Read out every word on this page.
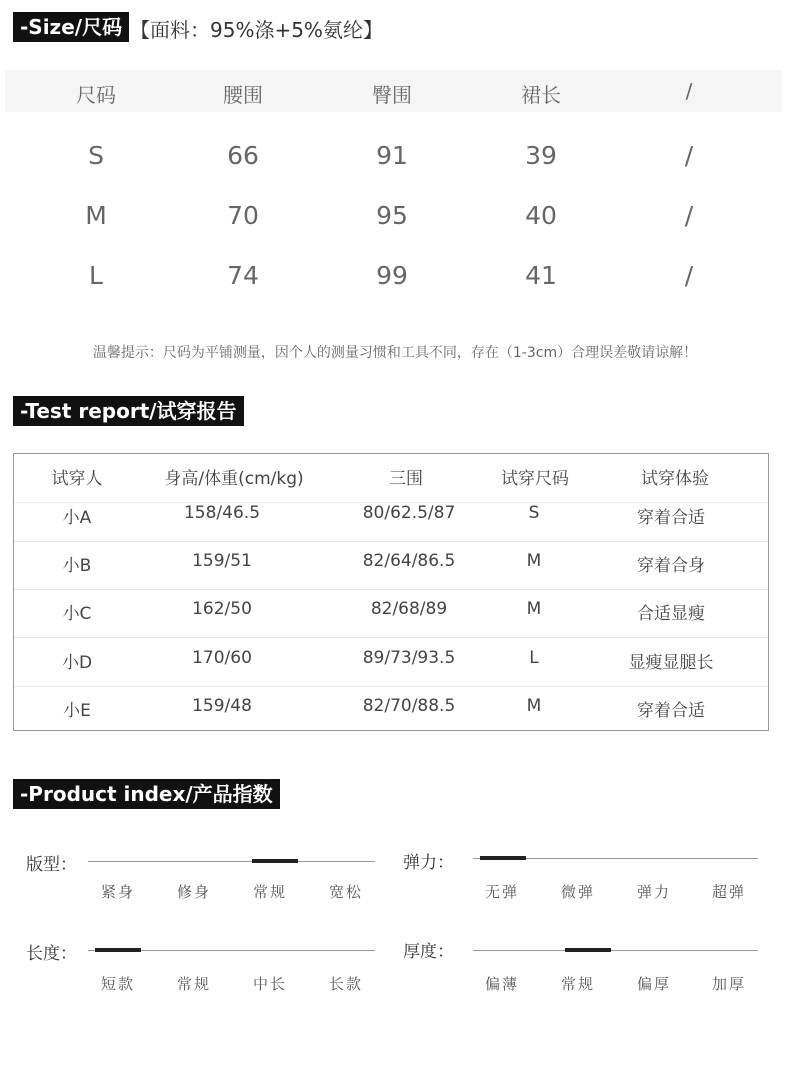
-Size/尺码 【面料：95%涤+5%氨纶】
尺码	腰围	臀围	裙长	/
S	66	91	39	/
M	70	95	40	/
L	74	99	41	/
温馨提示：尺码为平铺测量，因个人的测量习惯和工具不同，存在（1-3cm）合理误差敬请谅解！
-Test report/试穿报告
试穿人	身高/体重(cm/kg)	三围	试穿尺码	试穿体验
小A	158/46.5	80/62.5/87	S	穿着合适
小B	159/51	82/64/86.5	M	穿着合身
小C	162/50	82/68/89	M	合适显瘦
小D	170/60	89/73/93.5	L	显瘦显腿长
小E	159/48	82/70/88.5	M	穿着合适
-Product index/产品指数
版型：
紧身	修身	常规	宽松
弹力：
无弹	微弹	弹力	超弹
长度：
短款	常规	中长	长款
厚度：
偏薄	常规	偏厚	加厚
